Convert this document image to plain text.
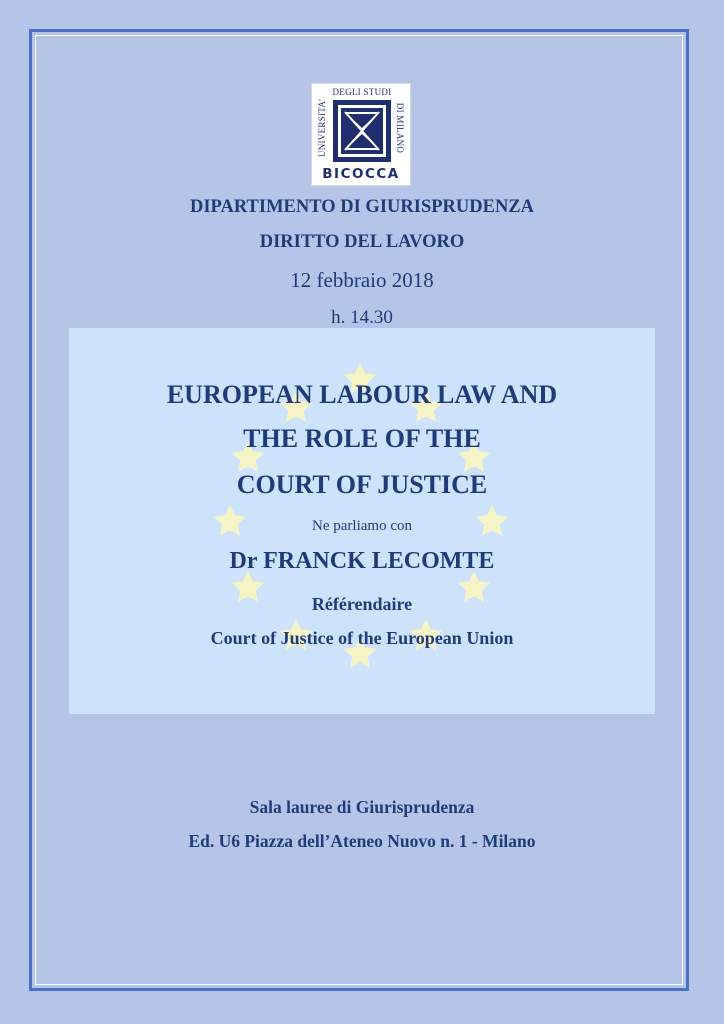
UNIVERSITA'
DEGLI STUDI
DI MILANO
BICOCCA
DIPARTIMENTO DI GIURISPRUDENZA
DIRITTO DEL LAVORO
12 febbraio 2018
h. 14.30
EUROPEAN LABOUR LAW AND
THE ROLE OF THE
COURT OF JUSTICE
Ne parliamo con
Dr FRANCK LECOMTE
Référendaire
Court of Justice of the European Union
Sala lauree di Giurisprudenza
Ed. U6 Piazza dell’Ateneo Nuovo n. 1 - Milano
